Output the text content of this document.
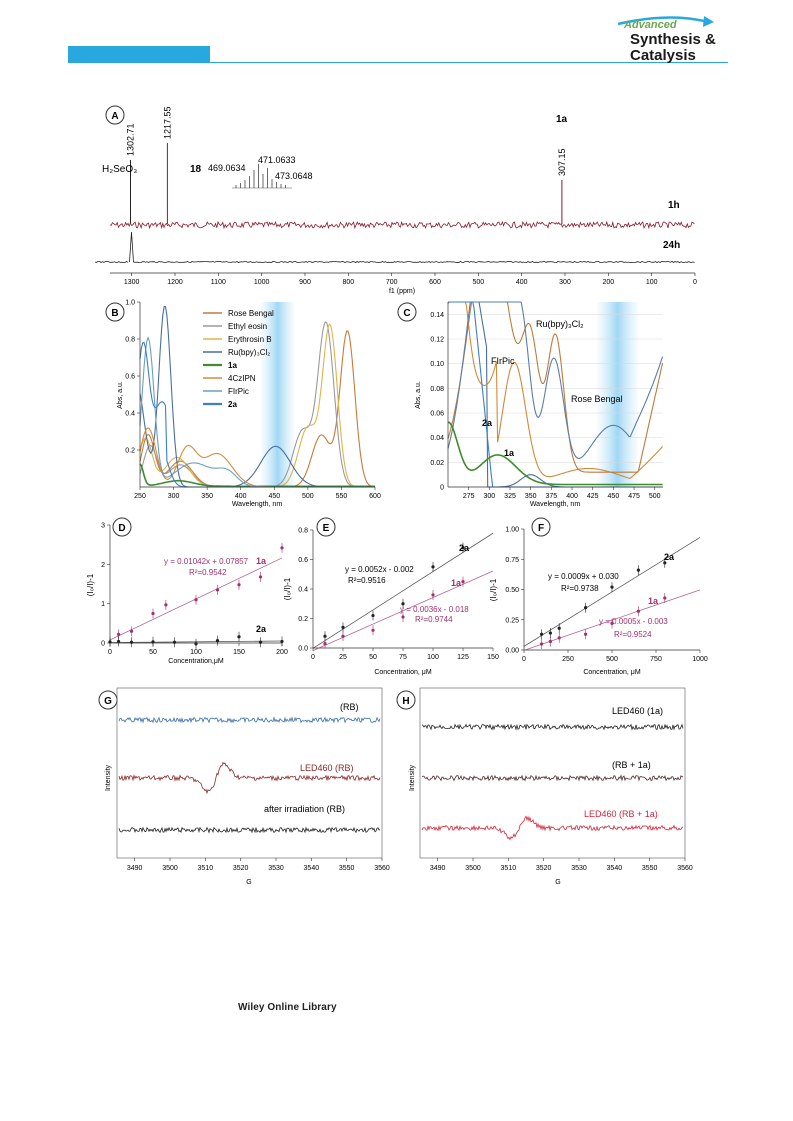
Advanced
Synthesis &
Catalysis
A
1302.71
1217.55
307.15
H₂SeO₃	18
1a
469.0634
471.0633
473.0648
1h
24h
1300	1200	1100	1000	900	800	700	600	500	400	300	200	100	0
f1 (ppm)
B
250	300	350	400	450	500	550	600
0.2
0.4
0.6
0.8
1.0
Wavelength, nm
Abs, a.u.
Rose Bengal
Ethyl eosin
Erythrosin B
Ru(bpy)₃Cl₂
1a
4CzIPN
FIrPic
2a
C
275 300 325 350 375 400 425 450 475 500
0
0.02
0.04
0.06
0.08
0.10
0.12
0.14
Wavelength, nm
Abs, a.u.
Ru(bpy)₃Cl₂
FIrPic
Rose Bengal
2a
1a
D
0	50	100	150	200
0
1
2
3
Concentration,μM
(I₀/I)-1
y = 0.01042x + 0.07857
R²=0.9542
1a
2a
E
0	25	50	75	100	125	150
0.0
0.2
0.4
0.6
0.8
Concentration, μM
(I₀/I)-1
y = 0.0052x - 0.002
R²=0.9516
2a
y = 0.0036x - 0.018
R²=0.9744
1a
F
0	250	500	750	1000
0.00
0.25
0.50
0.75
1.00
Concentration, μM
(I₀/I)-1
y = 0.0009x + 0.030
R²=0.9738
2a
y = 0.0005x - 0.003
R²=0.9524
1a
G
3490	3500	3510	3520	3530	3540	3550	3560
G
Intensity
(RB)
LED460 (RB)
after irradiation (RB)
H
3490	3500	3510	3520	3530	3540	3550	3560
G
Intensity
LED460 (1a)
(RB + 1a)
LED460 (RB + 1a)
Wiley Online Library
